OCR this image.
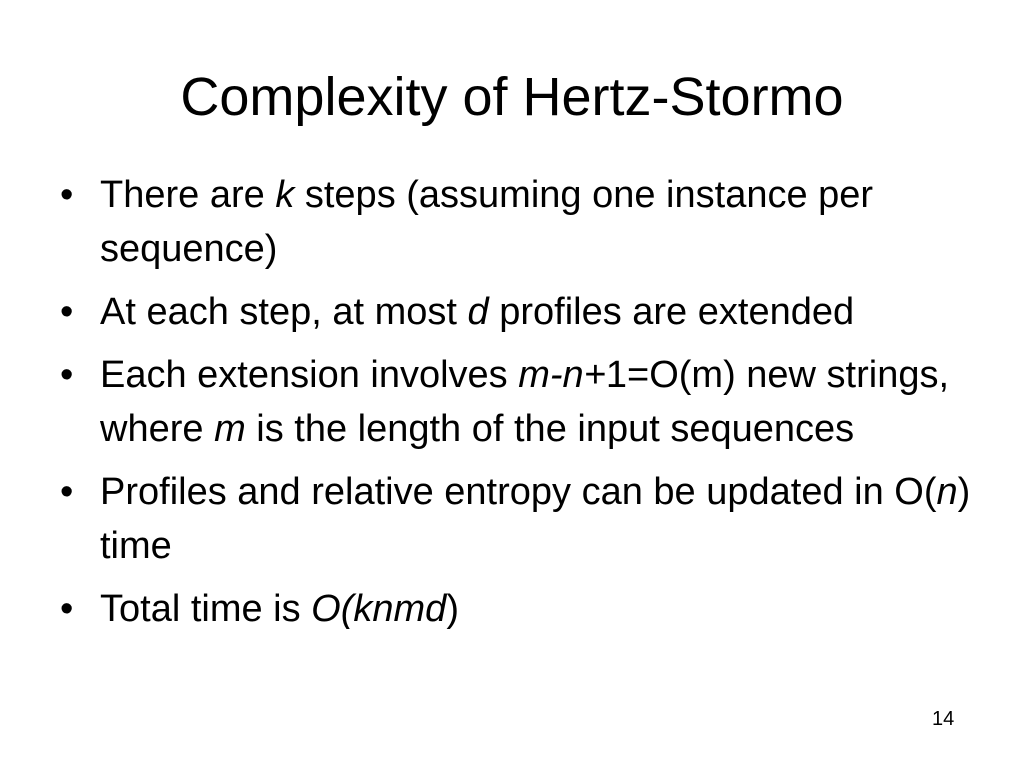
Complexity of Hertz-Stormo
• There are k steps (assuming one instance per sequence)
• At each step, at most d profiles are extended
• Each extension involves m-n+1=O(m) new strings, where m is the length of the input sequences
• Profiles and relative entropy can be updated in O(n) time
• Total time is O(knmd)
14
